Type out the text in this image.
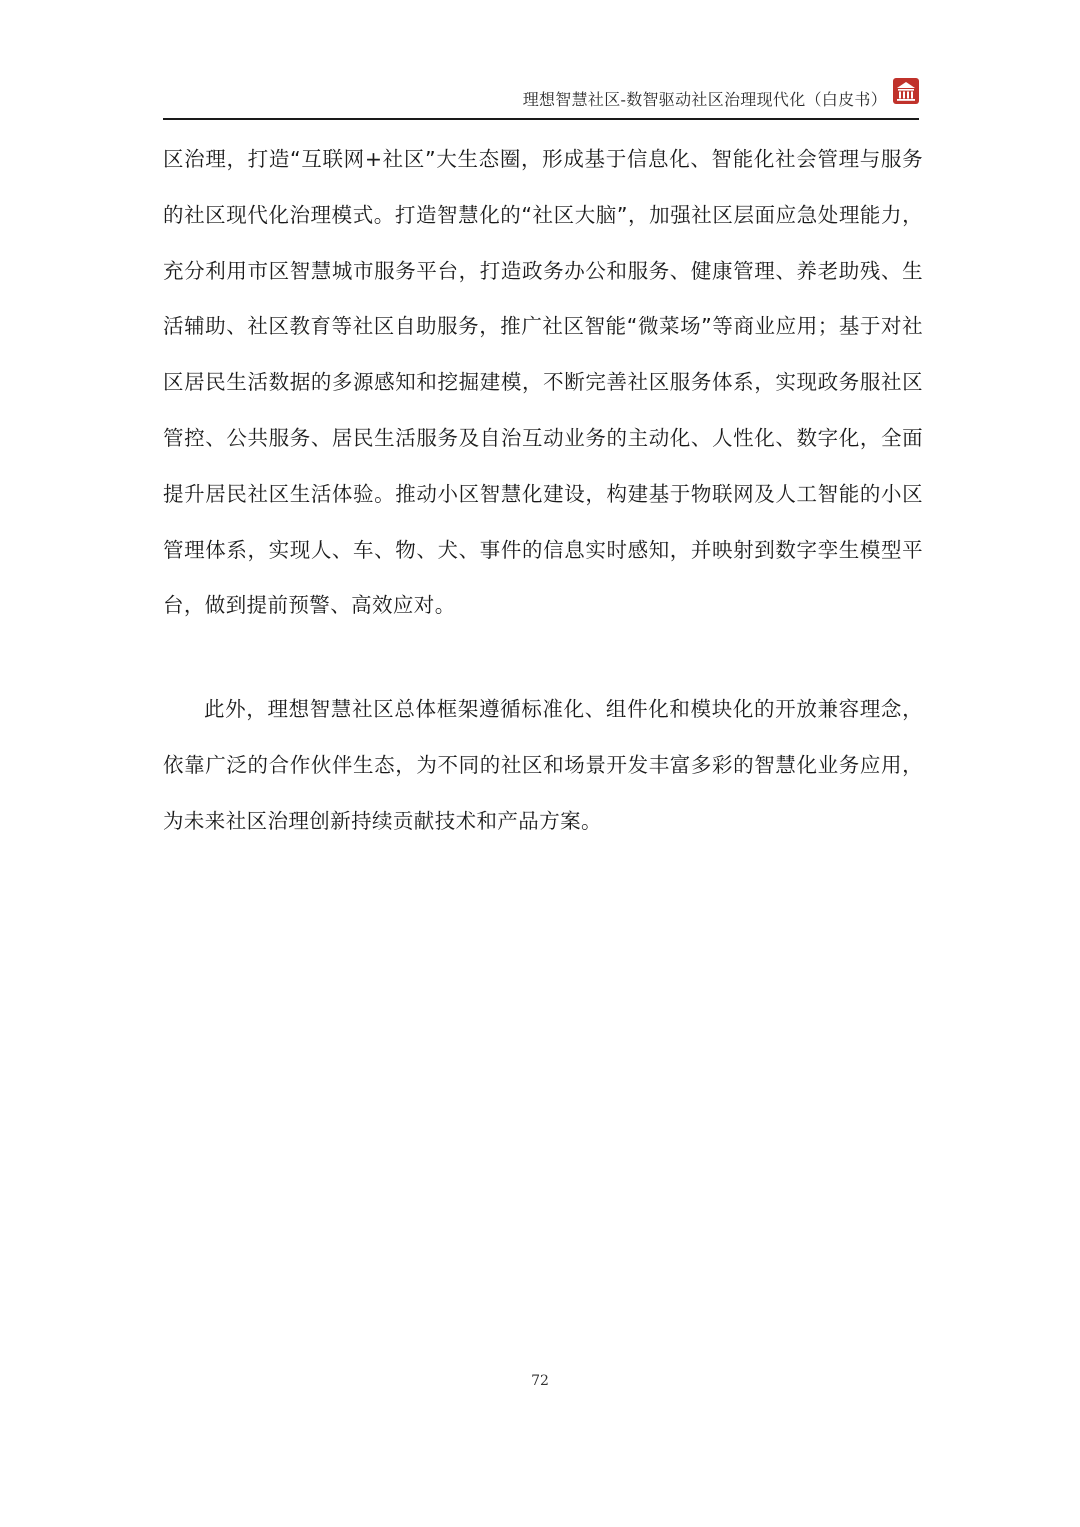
理想智慧社区-数智驱动社区治理现代化（白皮书）
区治理，打造“互联网+社区”大生态圈，形成基于信息化、智能化社会管理与服务的社区现代化治理模式。打造智慧化的“社区大脑”，加强社区层面应急处理能力，充分利用市区智慧城市服务平台，打造政务办公和服务、健康管理、养老助残、生活辅助、社区教育等社区自助服务，推广社区智能“微菜场”等商业应用；基于对社区居民生活数据的多源感知和挖掘建模，不断完善社区服务体系，实现政务服社区管控、公共服务、居民生活服务及自治互动业务的主动化、人性化、数字化，全面提升居民社区生活体验。推动小区智慧化建设，构建基于物联网及人工智能的小区管理体系，实现人、车、物、犬、事件的信息实时感知，并映射到数字孪生模型平台，做到提前预警、高效应对。
此外，理想智慧社区总体框架遵循标准化、组件化和模块化的开放兼容理念，依靠广泛的合作伙伴生态，为不同的社区和场景开发丰富多彩的智慧化业务应用，为未来社区治理创新持续贡献技术和产品方案。
72
